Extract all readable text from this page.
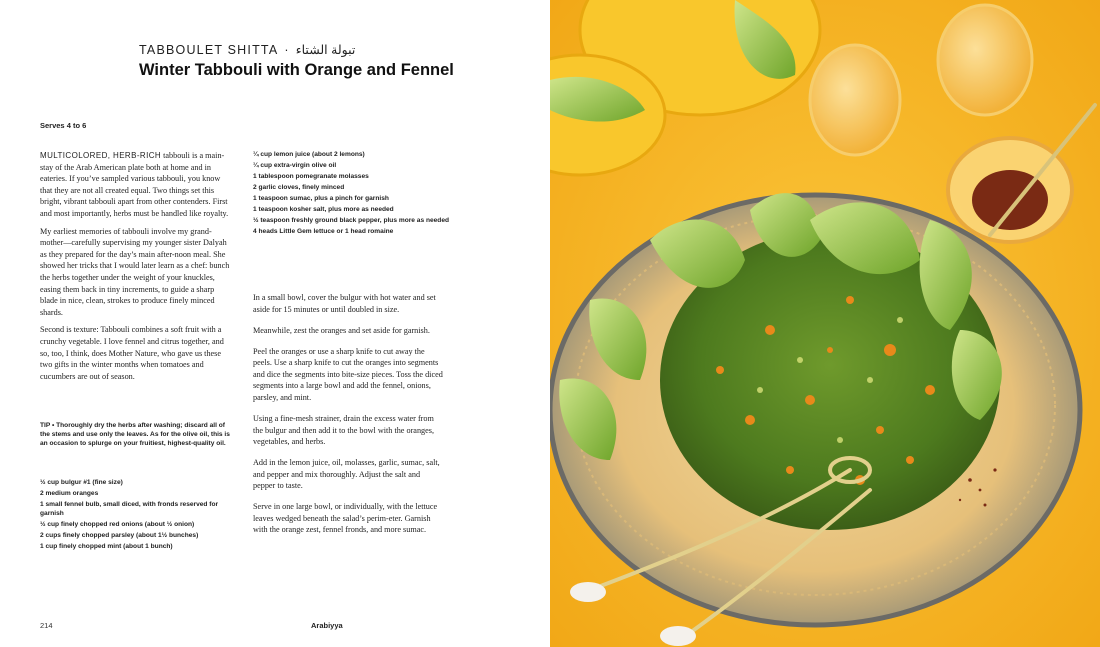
TABBOULET SHITTA · تبولة الشتاء
Winter Tabbouli with Orange and Fennel
Serves 4 to 6

MULTICOLORED, HERB-RICH tabbouli is a main-stay of the Arab American plate both at home and in eateries. If you’ve sampled various tabbouli, you know that they are not all created equal. Two things set this bright, vibrant tabbouli apart from other contenders. First and most importantly, herbs must be handled like royalty.

My earliest memories of tabbouli involve my grand-mother—carefully supervising my younger sister Dalyah as they prepared for the day’s main after-noon meal. She showed her tricks that I would later learn as a chef: bunch the herbs together under the weight of your knuckles, easing them back in tiny increments, to guide a sharp blade in nice, clean, strokes to produce finely minced shards.

Second is texture: Tabbouli combines a soft fruit with a crunchy vegetable. I love fennel and citrus together, and so, too, I think, does Mother Nature, who gave us these two gifts in the winter months when tomatoes and cucumbers are out of season.

TIP • Thoroughly dry the herbs after washing; discard all of the stems and use only the leaves. As for the olive oil, this is an occasion to splurge on your fruitiest, highest-quality oil.
½ cup bulgur #1 (fine size)
2 medium oranges
1 small fennel bulb, small diced, with fronds reserved for garnish
½ cup finely chopped red onions (about ½ onion)
2 cups finely chopped parsley (about 1½ bunches)
1 cup finely chopped mint (about 1 bunch)
¼ cup lemon juice (about 2 lemons)
¼ cup extra-virgin olive oil
1 tablespoon pomegranate molasses
2 garlic cloves, finely minced
1 teaspoon sumac, plus a pinch for garnish
1 teaspoon kosher salt, plus more as needed
½ teaspoon freshly ground black pepper, plus more as needed
4 heads Little Gem lettuce or 1 head romaine

In a small bowl, cover the bulgur with hot water and set aside for 15 minutes or until doubled in size.

Meanwhile, zest the oranges and set aside for garnish.

Peel the oranges or use a sharp knife to cut away the peels. Use a sharp knife to cut the oranges into segments and dice the segments into bite-size pieces. Toss the diced segments into a large bowl and add the fennel, onions, parsley, and mint.

Using a fine-mesh strainer, drain the excess water from the bulgur and then add it to the bowl with the oranges, vegetables, and herbs.

Add in the lemon juice, oil, molasses, garlic, sumac, salt, and pepper and mix thoroughly. Adjust the salt and pepper to taste.

Serve in one large bowl, or individually, with the lettuce leaves wedged beneath the salad’s perim-eter. Garnish with the orange zest, fennel fronds, and more sumac.

214	Arabiyya
